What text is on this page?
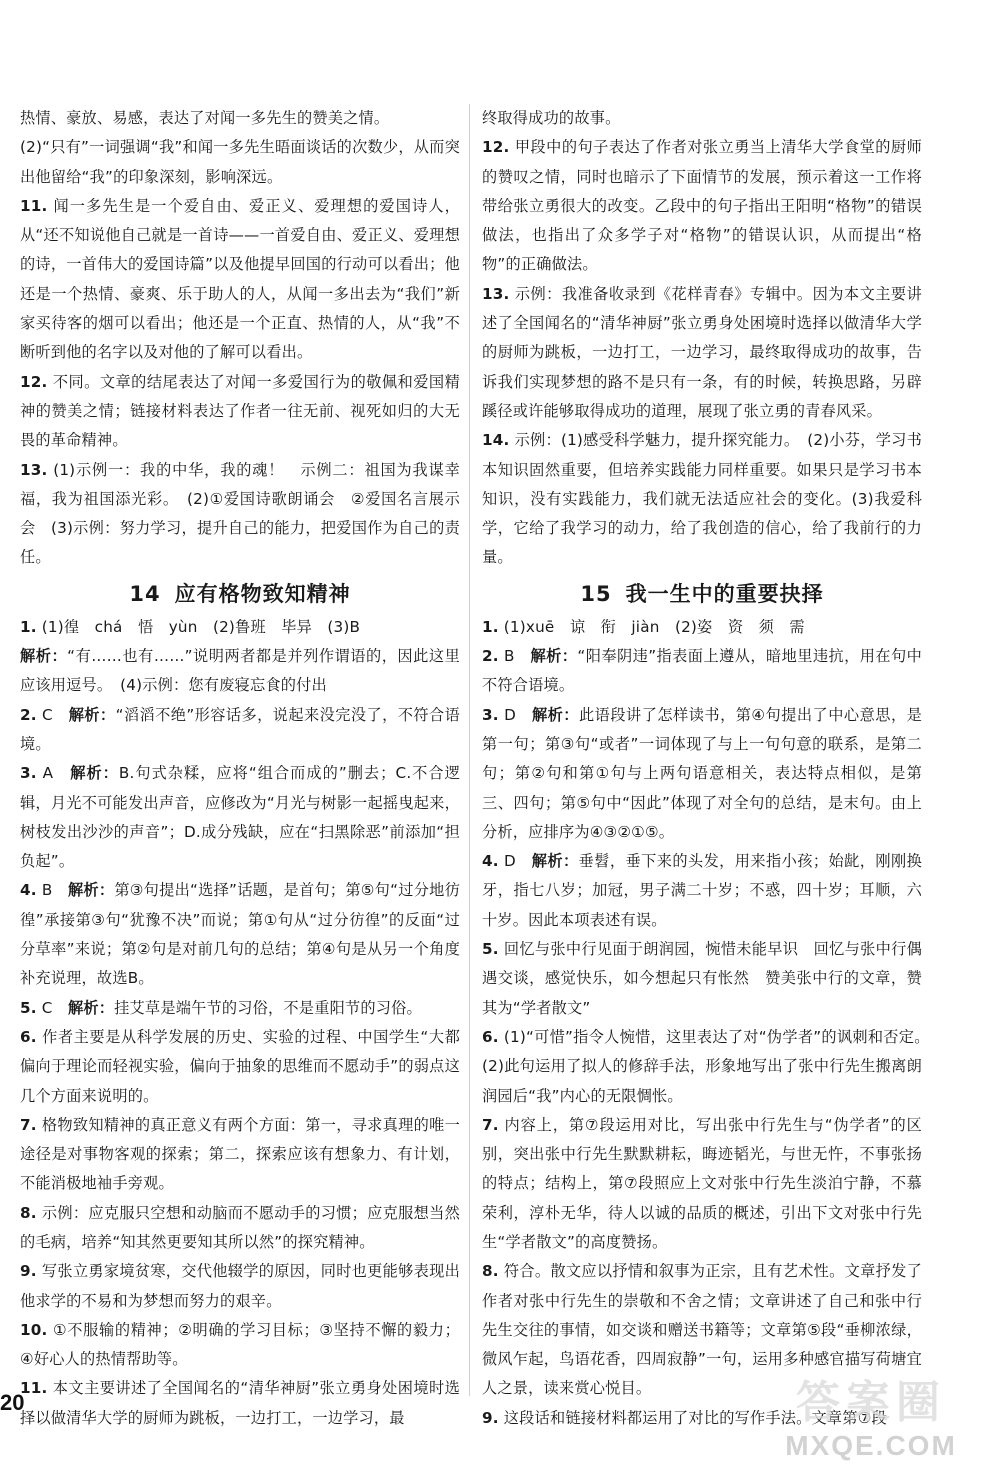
热情、豪放、易感，表达了对闻一多先生的赞美之情。

(2)“只有”一词强调“我”和闻一多先生晤面谈话的次数少，从而突出他留给“我”的印象深刻，影响深远。

11. 闻一多先生是一个爱自由、爱正义、爱理想的爱国诗人，从“还不知说他自己就是一首诗——一首爱自由、爱正义、爱理想的诗，一首伟大的爱国诗篇”以及他提早回国的行动可以看出；他还是一个热情、豪爽、乐于助人的人，从闻一多出去为“我们”新家买待客的烟可以看出；他还是一个正直、热情的人，从“我”不断听到他的名字以及对他的了解可以看出。

12. 不同。文章的结尾表达了对闻一多爱国行为的敬佩和爱国精神的赞美之情；链接材料表达了作者一往无前、视死如归的大无畏的革命精神。

13. (1)示例一：我的中华，我的魂！　示例二：祖国为我谋幸福，我为祖国添光彩。　(2)①爱国诗歌朗诵会　②爱国名言展示会　(3)示例：努力学习，提升自己的能力，把爱国作为自己的责任。

14 应有格物致知精神

1. (1)徨　chá　悟　yùn　(2)鲁班　毕异　(3)B

解析：“有……也有……”说明两者都是并列作谓语的，因此这里应该用逗号。　(4)示例：您有废寝忘食的付出

2. C　解析：“滔滔不绝”形容话多，说起来没完没了，不符合语境。

3. A　解析：B.句式杂糅，应将“组合而成的”删去；C.不合逻辑，月光不可能发出声音，应修改为“月光与树影一起摇曳起来，树枝发出沙沙的声音”；D.成分残缺，应在“扫黑除恶”前添加“担负起”。

4. B　解析：第③句提出“选择”话题，是首句；第⑤句“过分地彷徨”承接第③句“犹豫不决”而说；第①句从“过分彷徨”的反面“过分草率”来说；第②句是对前几句的总结；第④句是从另一个角度补充说理，故选B。

5. C　解析：挂艾草是端午节的习俗，不是重阳节的习俗。

6. 作者主要是从科学发展的历史、实验的过程、中国学生“大都偏向于理论而轻视实验，偏向于抽象的思维而不愿动手”的弱点这几个方面来说明的。

7. 格物致知精神的真正意义有两个方面：第一，寻求真理的唯一途径是对事物客观的探索；第二，探索应该有想象力、有计划，不能消极地袖手旁观。

8. 示例：应克服只空想和动脑而不愿动手的习惯；应克服想当然的毛病，培养“知其然更要知其所以然”的探究精神。

9. 写张立勇家境贫寒，交代他辍学的原因，同时也更能够表现出他求学的不易和为梦想而努力的艰辛。

10. ①不服输的精神；②明确的学习目标；③坚持不懈的毅力；④好心人的热情帮助等。

11. 本文主要讲述了全国闻名的“清华神厨”张立勇身处困境时选择以做清华大学的厨师为跳板，一边打工，一边学习，最

终取得成功的故事。

12. 甲段中的句子表达了作者对张立勇当上清华大学食堂的厨师的赞叹之情，同时也暗示了下面情节的发展，预示着这一工作将带给张立勇很大的改变。乙段中的句子指出王阳明“格物”的错误做法，也指出了众多学子对“格物”的错误认识，从而提出“格物”的正确做法。

13. 示例：我准备收录到《花样青春》专辑中。因为本文主要讲述了全国闻名的“清华神厨”张立勇身处困境时选择以做清华大学的厨师为跳板，一边打工，一边学习，最终取得成功的故事，告诉我们实现梦想的路不是只有一条，有的时候，转换思路，另辟蹊径或许能够取得成功的道理，展现了张立勇的青春风采。

14. 示例：(1)感受科学魅力，提升探究能力。　(2)小芬，学习书本知识固然重要，但培养实践能力同样重要。如果只是学习书本知识，没有实践能力，我们就无法适应社会的变化。(3)我爱科学，它给了我学习的动力，给了我创造的信心，给了我前行的力量。

15 我一生中的重要抉择

1. (1)xuē　谅　衔　jiàn　(2)姿　资　须　需

2. B　解析：“阳奉阴违”指表面上遵从，暗地里违抗，用在句中不符合语境。

3. D　解析：此语段讲了怎样读书，第④句提出了中心意思，是第一句；第③句“或者”一词体现了与上一句句意的联系，是第二句；第②句和第①句与上两句语意相关，表达特点相似，是第三、四句；第⑤句中“因此”体现了对全句的总结，是末句。由上分析，应排序为④③②①⑤。

4. D　解析：垂髫，垂下来的头发，用来指小孩；始龀，刚刚换牙，指七八岁；加冠，男子满二十岁；不惑，四十岁；耳顺，六十岁。因此本项表述有误。

5. 回忆与张中行见面于朗润园，惋惜未能早识　回忆与张中行偶遇交谈，感觉快乐，如今想起只有怅然　赞美张中行的文章，赞其为“学者散文”

6. (1)“可惜”指令人惋惜，这里表达了对“伪学者”的讽刺和否定。　(2)此句运用了拟人的修辞手法，形象地写出了张中行先生搬离朗润园后“我”内心的无限惆怅。

7. 内容上，第⑦段运用对比，写出张中行先生与“伪学者”的区别，突出张中行先生默默耕耘，晦迹韬光，与世无忤，不事张扬的特点；结构上，第⑦段照应上文对张中行先生淡泊宁静，不慕荣利，淳朴无华，待人以诚的品质的概述，引出下文对张中行先生“学者散文”的高度赞扬。

8. 符合。散文应以抒情和叙事为正宗，且有艺术性。文章抒发了作者对张中行先生的崇敬和不舍之情；文章讲述了自己和张中行先生交往的事情，如交谈和赠送书籍等；文章第⑤段“垂柳浓绿，微风乍起，鸟语花香，四周寂静”一句，运用多种感官描写荷塘宜人之景，读来赏心悦目。

9. 这段话和链接材料都运用了对比的写作手法。文章第⑦段

20	答案圈
MXQE.COM
